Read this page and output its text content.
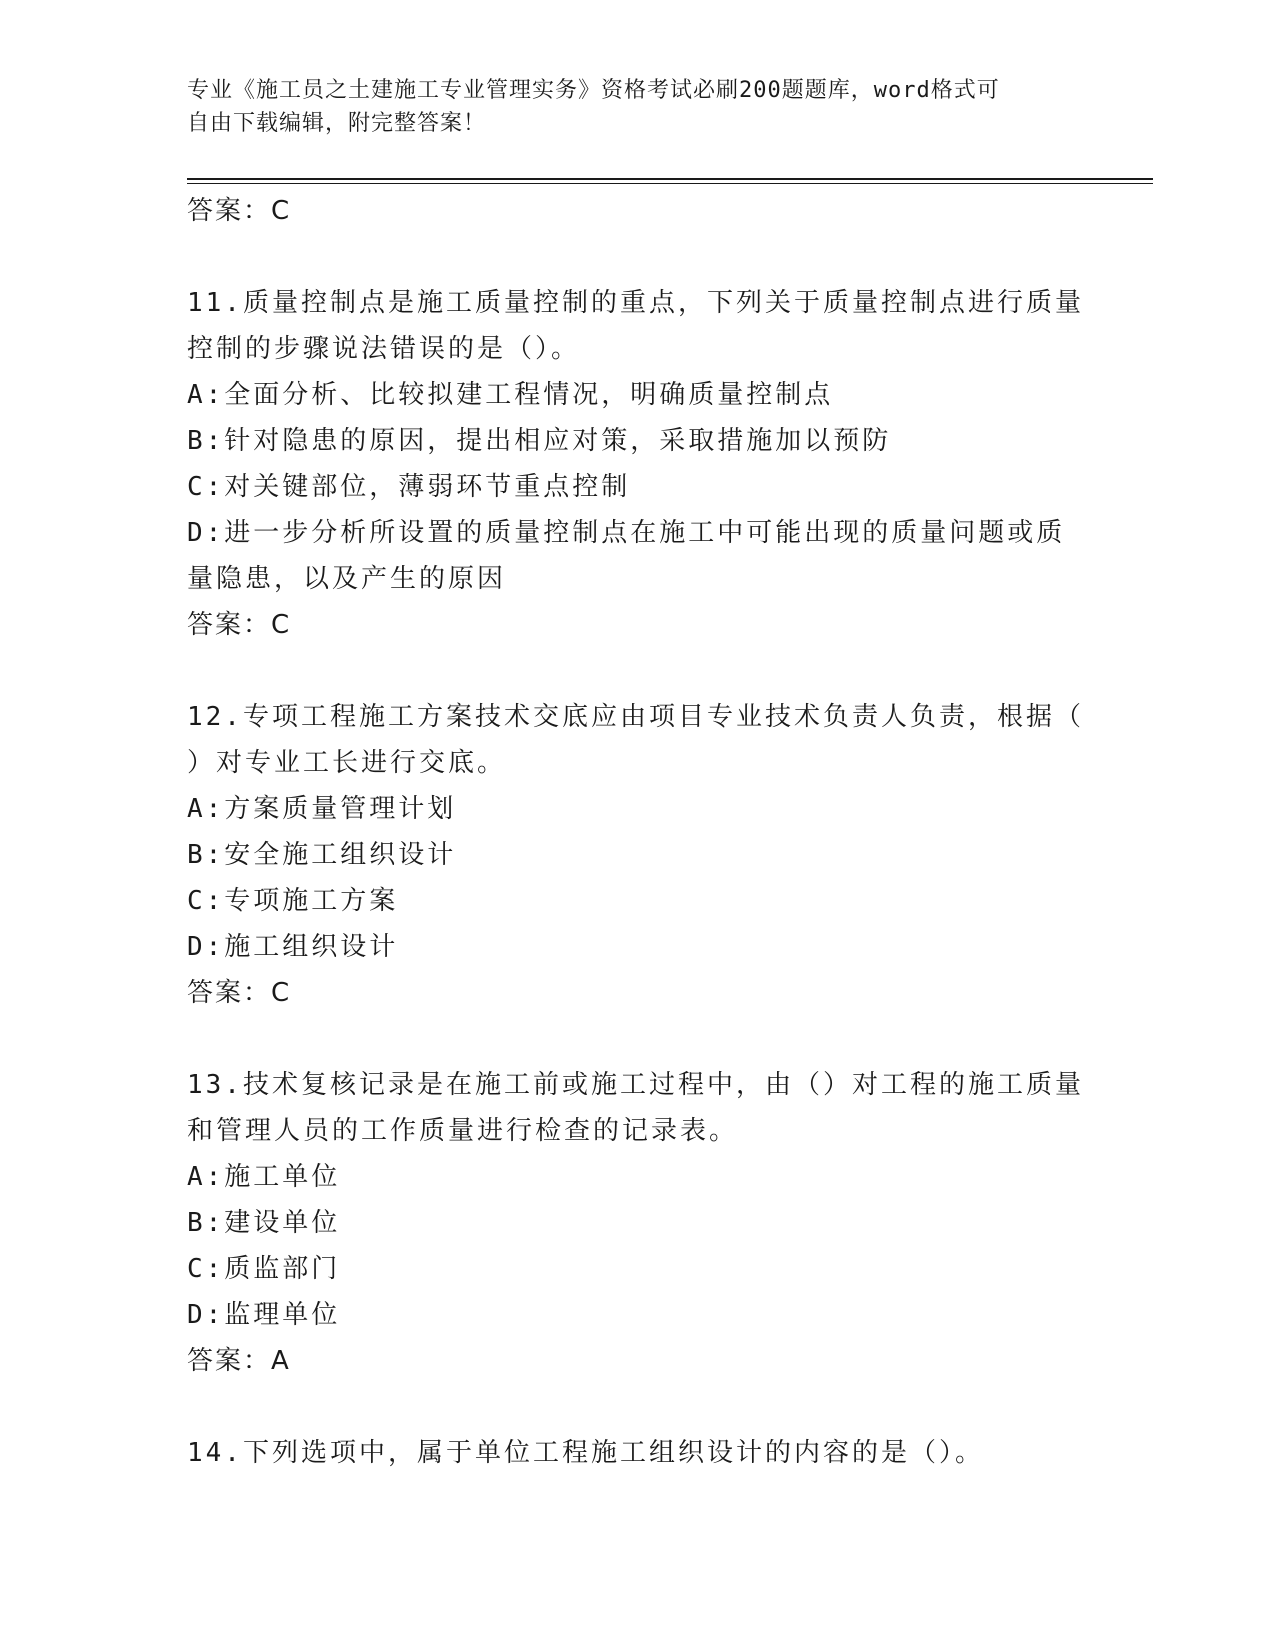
专业《施工员之土建施工专业管理实务》资格考试必刷200题题库，word格式可
自由下载编辑，附完整答案！
答案：C
11.质量控制点是施工质量控制的重点，下列关于质量控制点进行质量
控制的步骤说法错误的是（）。
A:全面分析、比较拟建工程情况，明确质量控制点
B:针对隐患的原因，提出相应对策，采取措施加以预防
C:对关键部位，薄弱环节重点控制
D:进一步分析所设置的质量控制点在施工中可能出现的质量问题或质
量隐患，以及产生的原因
答案：C
12.专项工程施工方案技术交底应由项目专业技术负责人负责，根据（
）对专业工长进行交底。
A:方案质量管理计划
B:安全施工组织设计
C:专项施工方案
D:施工组织设计
答案：C
13.技术复核记录是在施工前或施工过程中，由（）对工程的施工质量
和管理人员的工作质量进行检查的记录表。
A:施工单位
B:建设单位
C:质监部门
D:监理单位
答案：A
14.下列选项中，属于单位工程施工组织设计的内容的是（）。
